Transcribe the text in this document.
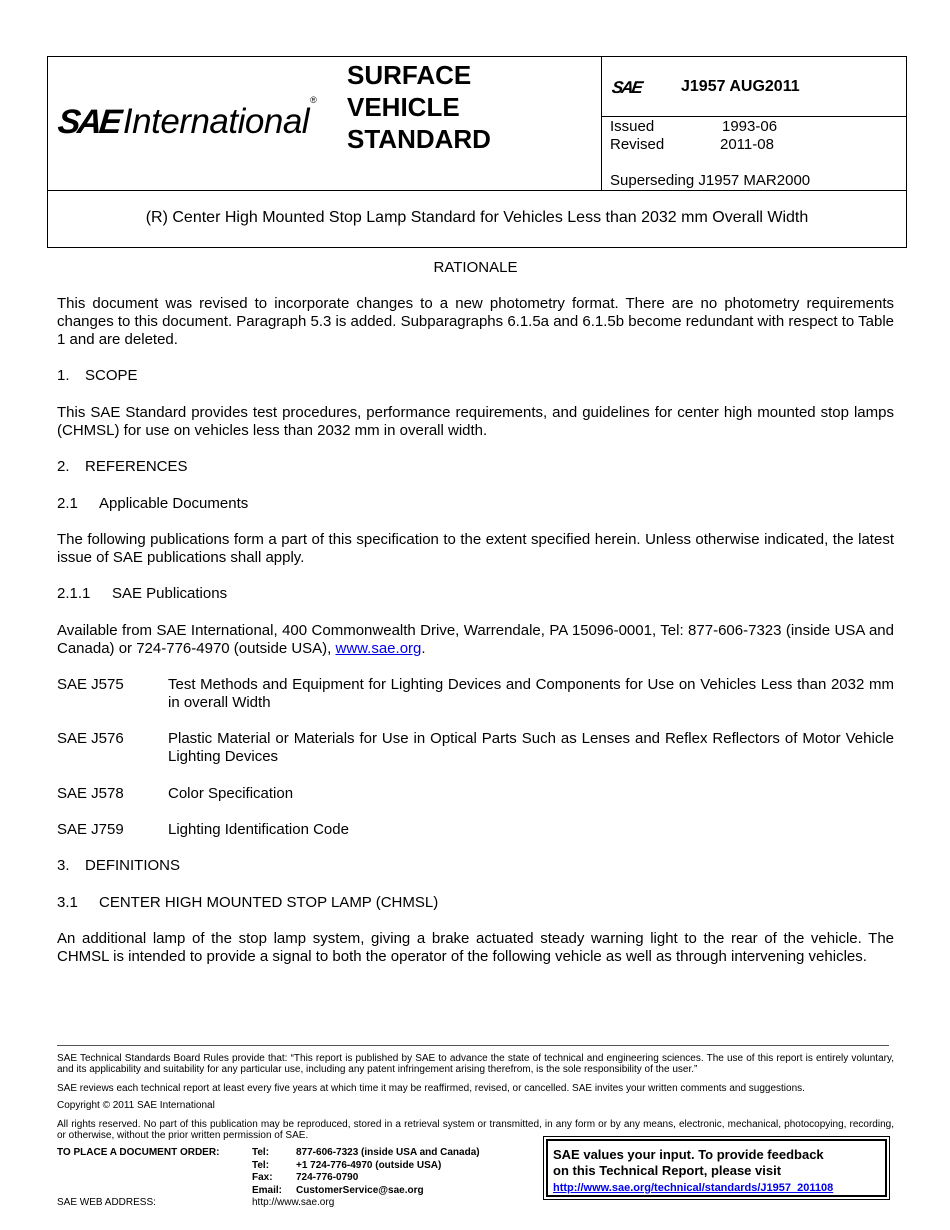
SAE International
®
SURFACE
VEHICLE
STANDARD
SAE J1957 AUG2011
Issued	1993-06
Revised	2011-08
Superseding J1957 MAR2000
(R) Center High Mounted Stop Lamp Standard for Vehicles Less than 2032 mm Overall Width
RATIONALE
This document was revised to incorporate changes to a new photometry format. There are no photometry requirements changes to this document. Paragraph 5.3 is added. Subparagraphs 6.1.5a and 6.1.5b become redundant with respect to Table 1 and are deleted.
1. SCOPE
This SAE Standard provides test procedures, performance requirements, and guidelines for center high mounted stop lamps (CHMSL) for use on vehicles less than 2032 mm in overall width.
2. REFERENCES
2.1 Applicable Documents
The following publications form a part of this specification to the extent specified herein. Unless otherwise indicated, the latest issue of SAE publications shall apply.
2.1.1 SAE Publications
Available from SAE International, 400 Commonwealth Drive, Warrendale, PA 15096-0001, Tel: 877-606-7323 (inside USA and Canada) or 724-776-4970 (outside USA), www.sae.org.
SAE J575	Test Methods and Equipment for Lighting Devices and Components for Use on Vehicles Less than 2032 mm in overall Width
SAE J576	Plastic Material or Materials for Use in Optical Parts Such as Lenses and Reflex Reflectors of Motor Vehicle Lighting Devices
SAE J578	Color Specification
SAE J759	Lighting Identification Code
3. DEFINITIONS
3.1 CENTER HIGH MOUNTED STOP LAMP (CHMSL)
An additional lamp of the stop lamp system, giving a brake actuated steady warning light to the rear of the vehicle. The CHMSL is intended to provide a signal to both the operator of the following vehicle as well as through intervening vehicles.
SAE Technical Standards Board Rules provide that: “This report is published by SAE to advance the state of technical and engineering sciences. The use of this report is entirely voluntary, and its applicability and suitability for any particular use, including any patent infringement arising therefrom, is the sole responsibility of the user.”
SAE reviews each technical report at least every five years at which time it may be reaffirmed, revised, or cancelled. SAE invites your written comments and suggestions.
Copyright © 2011 SAE International
All rights reserved. No part of this publication may be reproduced, stored in a retrieval system or transmitted, in any form or by any means, electronic, mechanical, photocopying, recording, or otherwise, without the prior written permission of SAE.
TO PLACE A DOCUMENT ORDER:
SAE WEB ADDRESS:
Tel:	877-606-7323 (inside USA and Canada)
Tel:	+1 724-776-4970 (outside USA)
Fax: 724-776-0790
Email: CustomerService@sae.org
http://www.sae.org
SAE values your input. To provide feedback
on this Technical Report, please visit
http://www.sae.org/technical/standards/J1957_201108
